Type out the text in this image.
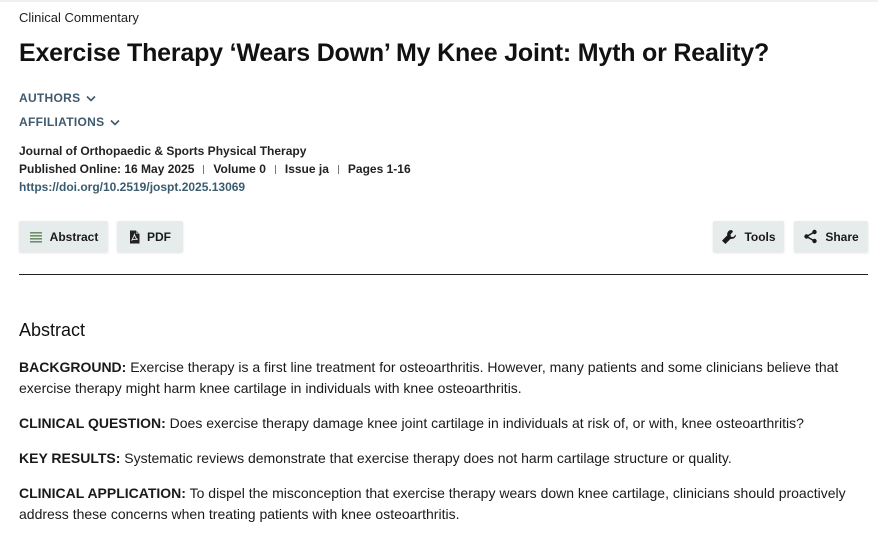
Clinical Commentary
Exercise Therapy ‘Wears Down’ My Knee Joint: Myth or Reality?
AUTHORS
AFFILIATIONS
Journal of Orthopaedic & Sports Physical Therapy
Published Online: 16 May 2025 Volume 0 Issue ja Pages 1-16
https://doi.org/10.2519/jospt.2025.13069
Abstract	PDF	Tools	Share
Abstract

BACKGROUND: Exercise therapy is a first line treatment for osteoarthritis. However, many patients and some clinicians believe that exercise therapy might harm knee cartilage in individuals with knee osteoarthritis.

CLINICAL QUESTION: Does exercise therapy damage knee joint cartilage in individuals at risk of, or with, knee osteoarthritis?

KEY RESULTS: Systematic reviews demonstrate that exercise therapy does not harm cartilage structure or quality.

CLINICAL APPLICATION: To dispel the misconception that exercise therapy wears down knee cartilage, clinicians should proactively address these concerns when treating patients with knee osteoarthritis.
